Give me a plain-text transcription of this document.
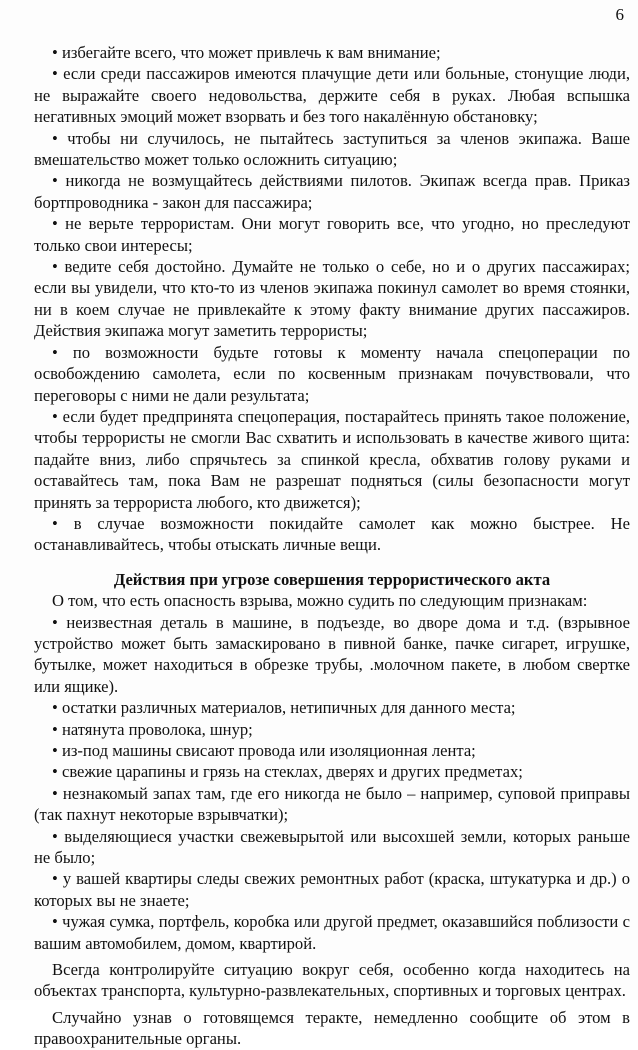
6

• избегайте всего, что может привлечь к вам внимание;

• если среди пассажиров имеются плачущие дети или больные, стонущие люди, не выражайте своего недовольства, держите себя в руках. Любая вспышка негативных эмоций может взорвать и без того накалённую обстановку;

• чтобы ни случилось, не пытайтесь заступиться за членов экипажа. Ваше вмешательство может только осложнить ситуацию;

• никогда не возмущайтесь действиями пилотов. Экипаж всегда прав. Приказ бортпроводника - закон для пассажира;

• не верьте террористам. Они могут говорить все, что угодно, но преследуют только свои интересы;

• ведите себя достойно. Думайте не только о себе, но и о других пассажирах; если вы увидели, что кто-то из членов экипажа покинул самолет во время стоянки, ни в коем случае не привлекайте к этому факту внимание других пассажиров. Действия экипажа могут заметить террористы;

• по возможности будьте готовы к моменту начала спецоперации по освобождению самолета, если по косвенным признакам почувствовали, что переговоры с ними не дали результата;

• если будет предпринята спецоперация, постарайтесь принять такое положение, чтобы террористы не смогли Вас схватить и использовать в качестве живого щита: падайте вниз, либо спрячьтесь за спинкой кресла, обхватив голову руками и оставайтесь там, пока Вам не разрешат подняться (силы безопасности могут принять за террориста любого, кто движется);

• в случае возможности покидайте самолет как можно быстрее. Не останавливайтесь, чтобы отыскать личные вещи.

Действия при угрозе совершения террористического акта

О том, что есть опасность взрыва, можно судить по следующим признакам:

• неизвестная деталь в машине, в подъезде, во дворе дома и т.д. (взрывное устройство может быть замаскировано в пивной банке, пачке сигарет, игрушке, бутылке, может находиться в обрезке трубы, .молочном пакете, в любом свертке или ящике).

• остатки различных материалов, нетипичных для данного места;

• натянута проволока, шнур;

• из-под машины свисают провода или изоляционная лента;

• свежие царапины и грязь на стеклах, дверях и других предметах;

• незнакомый запах там, где его никогда не было – например, суповой приправы (так пахнут некоторые взрывчатки);

• выделяющиеся участки свежевырытой или высохшей земли, которых раньше не было;

• у вашей квартиры следы свежих ремонтных работ (краска, штукатурка и др.) о которых вы не знаете;

• чужая сумка, портфель, коробка или другой предмет, оказавшийся поблизости с вашим автомобилем, домом, квартирой.

Всегда контролируйте ситуацию вокруг себя, особенно когда находитесь на объектах транспорта, культурно-развлекательных, спортивных и торговых центрах.

Случайно узнав о готовящемся теракте, немедленно сообщите об этом в правоохранительные органы.
